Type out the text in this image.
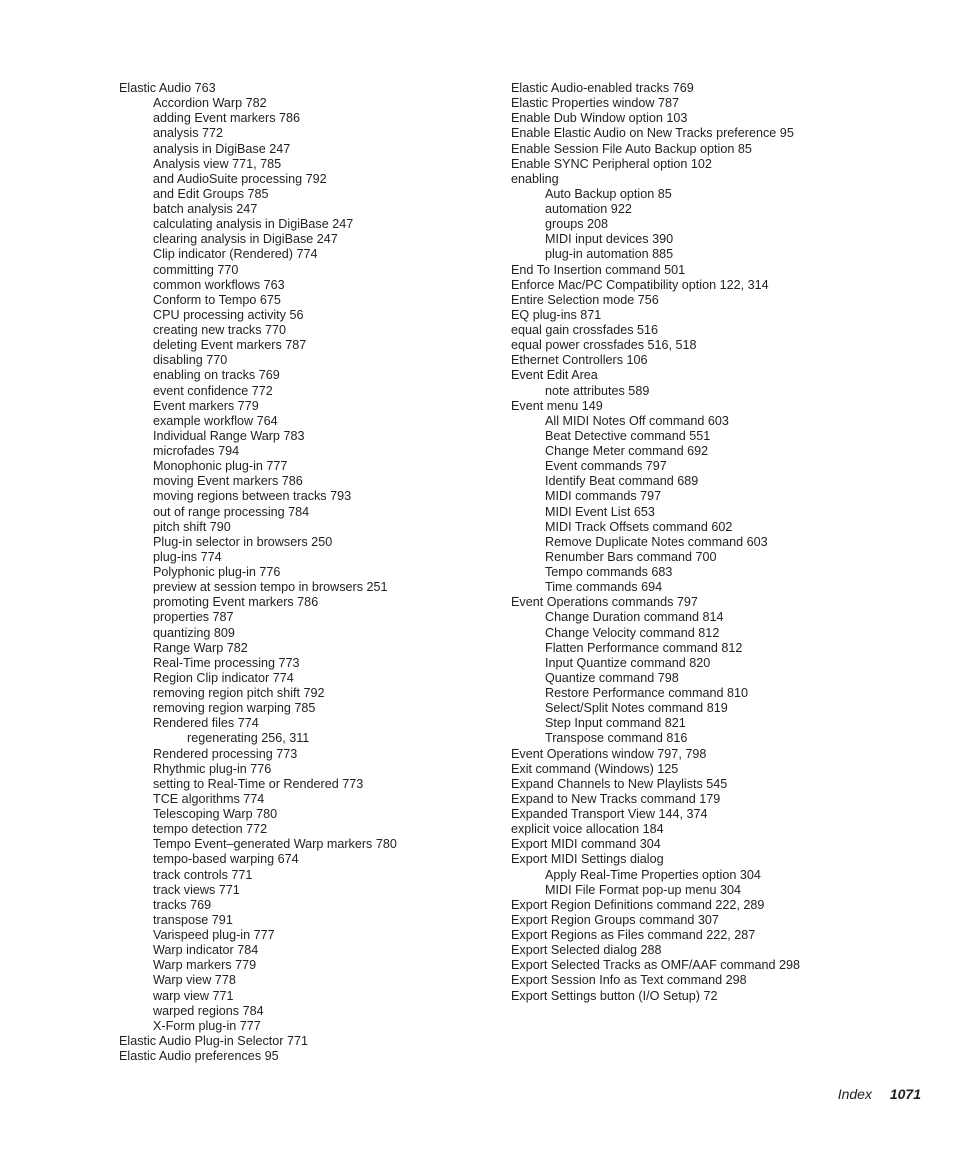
Elastic Audio 763
Accordion Warp 782
adding Event markers 786
analysis 772
analysis in DigiBase 247
Analysis view 771, 785
and AudioSuite processing 792
and Edit Groups 785
batch analysis 247
calculating analysis in DigiBase 247
clearing analysis in DigiBase 247
Clip indicator (Rendered) 774
committing 770
common workflows 763
Conform to Tempo 675
CPU processing activity 56
creating new tracks 770
deleting Event markers 787
disabling 770
enabling on tracks 769
event confidence 772
Event markers 779
example workflow 764
Individual Range Warp 783
microfades 794
Monophonic plug-in 777
moving Event markers 786
moving regions between tracks 793
out of range processing 784
pitch shift 790
Plug-in selector in browsers 250
plug-ins 774
Polyphonic plug-in 776
preview at session tempo in browsers 251
promoting Event markers 786
properties 787
quantizing 809
Range Warp 782
Real-Time processing 773
Region Clip indicator 774
removing region pitch shift 792
removing region warping 785
Rendered files 774
regenerating 256, 311
Rendered processing 773
Rhythmic plug-in 776
setting to Real-Time or Rendered 773
TCE algorithms 774
Telescoping Warp 780
tempo detection 772
Tempo Event–generated Warp markers 780
tempo-based warping 674
track controls 771
track views 771
tracks 769
transpose 791
Varispeed plug-in 777
Warp indicator 784
Warp markers 779
Warp view 778
warp view 771
warped regions 784
X-Form plug-in 777
Elastic Audio Plug-in Selector 771
Elastic Audio preferences 95
Elastic Audio-enabled tracks 769
Elastic Properties window 787
Enable Dub Window option 103
Enable Elastic Audio on New Tracks preference 95
Enable Session File Auto Backup option 85
Enable SYNC Peripheral option 102
enabling
Auto Backup option 85
automation 922
groups 208
MIDI input devices 390
plug-in automation 885
End To Insertion command 501
Enforce Mac/PC Compatibility option 122, 314
Entire Selection mode 756
EQ plug-ins 871
equal gain crossfades 516
equal power crossfades 516, 518
Ethernet Controllers 106
Event Edit Area
note attributes 589
Event menu 149
All MIDI Notes Off command 603
Beat Detective command 551
Change Meter command 692
Event commands 797
Identify Beat command 689
MIDI commands 797
MIDI Event List 653
MIDI Track Offsets command 602
Remove Duplicate Notes command 603
Renumber Bars command 700
Tempo commands 683
Time commands 694
Event Operations commands 797
Change Duration command 814
Change Velocity command 812
Flatten Performance command 812
Input Quantize command 820
Quantize command 798
Restore Performance command 810
Select/Split Notes command 819
Step Input command 821
Transpose command 816
Event Operations window 797, 798
Exit command (Windows) 125
Expand Channels to New Playlists 545
Expand to New Tracks command 179
Expanded Transport View 144, 374
explicit voice allocation 184
Export MIDI command 304
Export MIDI Settings dialog
Apply Real-Time Properties option 304
MIDI File Format pop-up menu 304
Export Region Definitions command 222, 289
Export Region Groups command 307
Export Regions as Files command 222, 287
Export Selected dialog 288
Export Selected Tracks as OMF/AAF command 298
Export Session Info as Text command 298
Export Settings button (I/O Setup) 72
Index 1071
